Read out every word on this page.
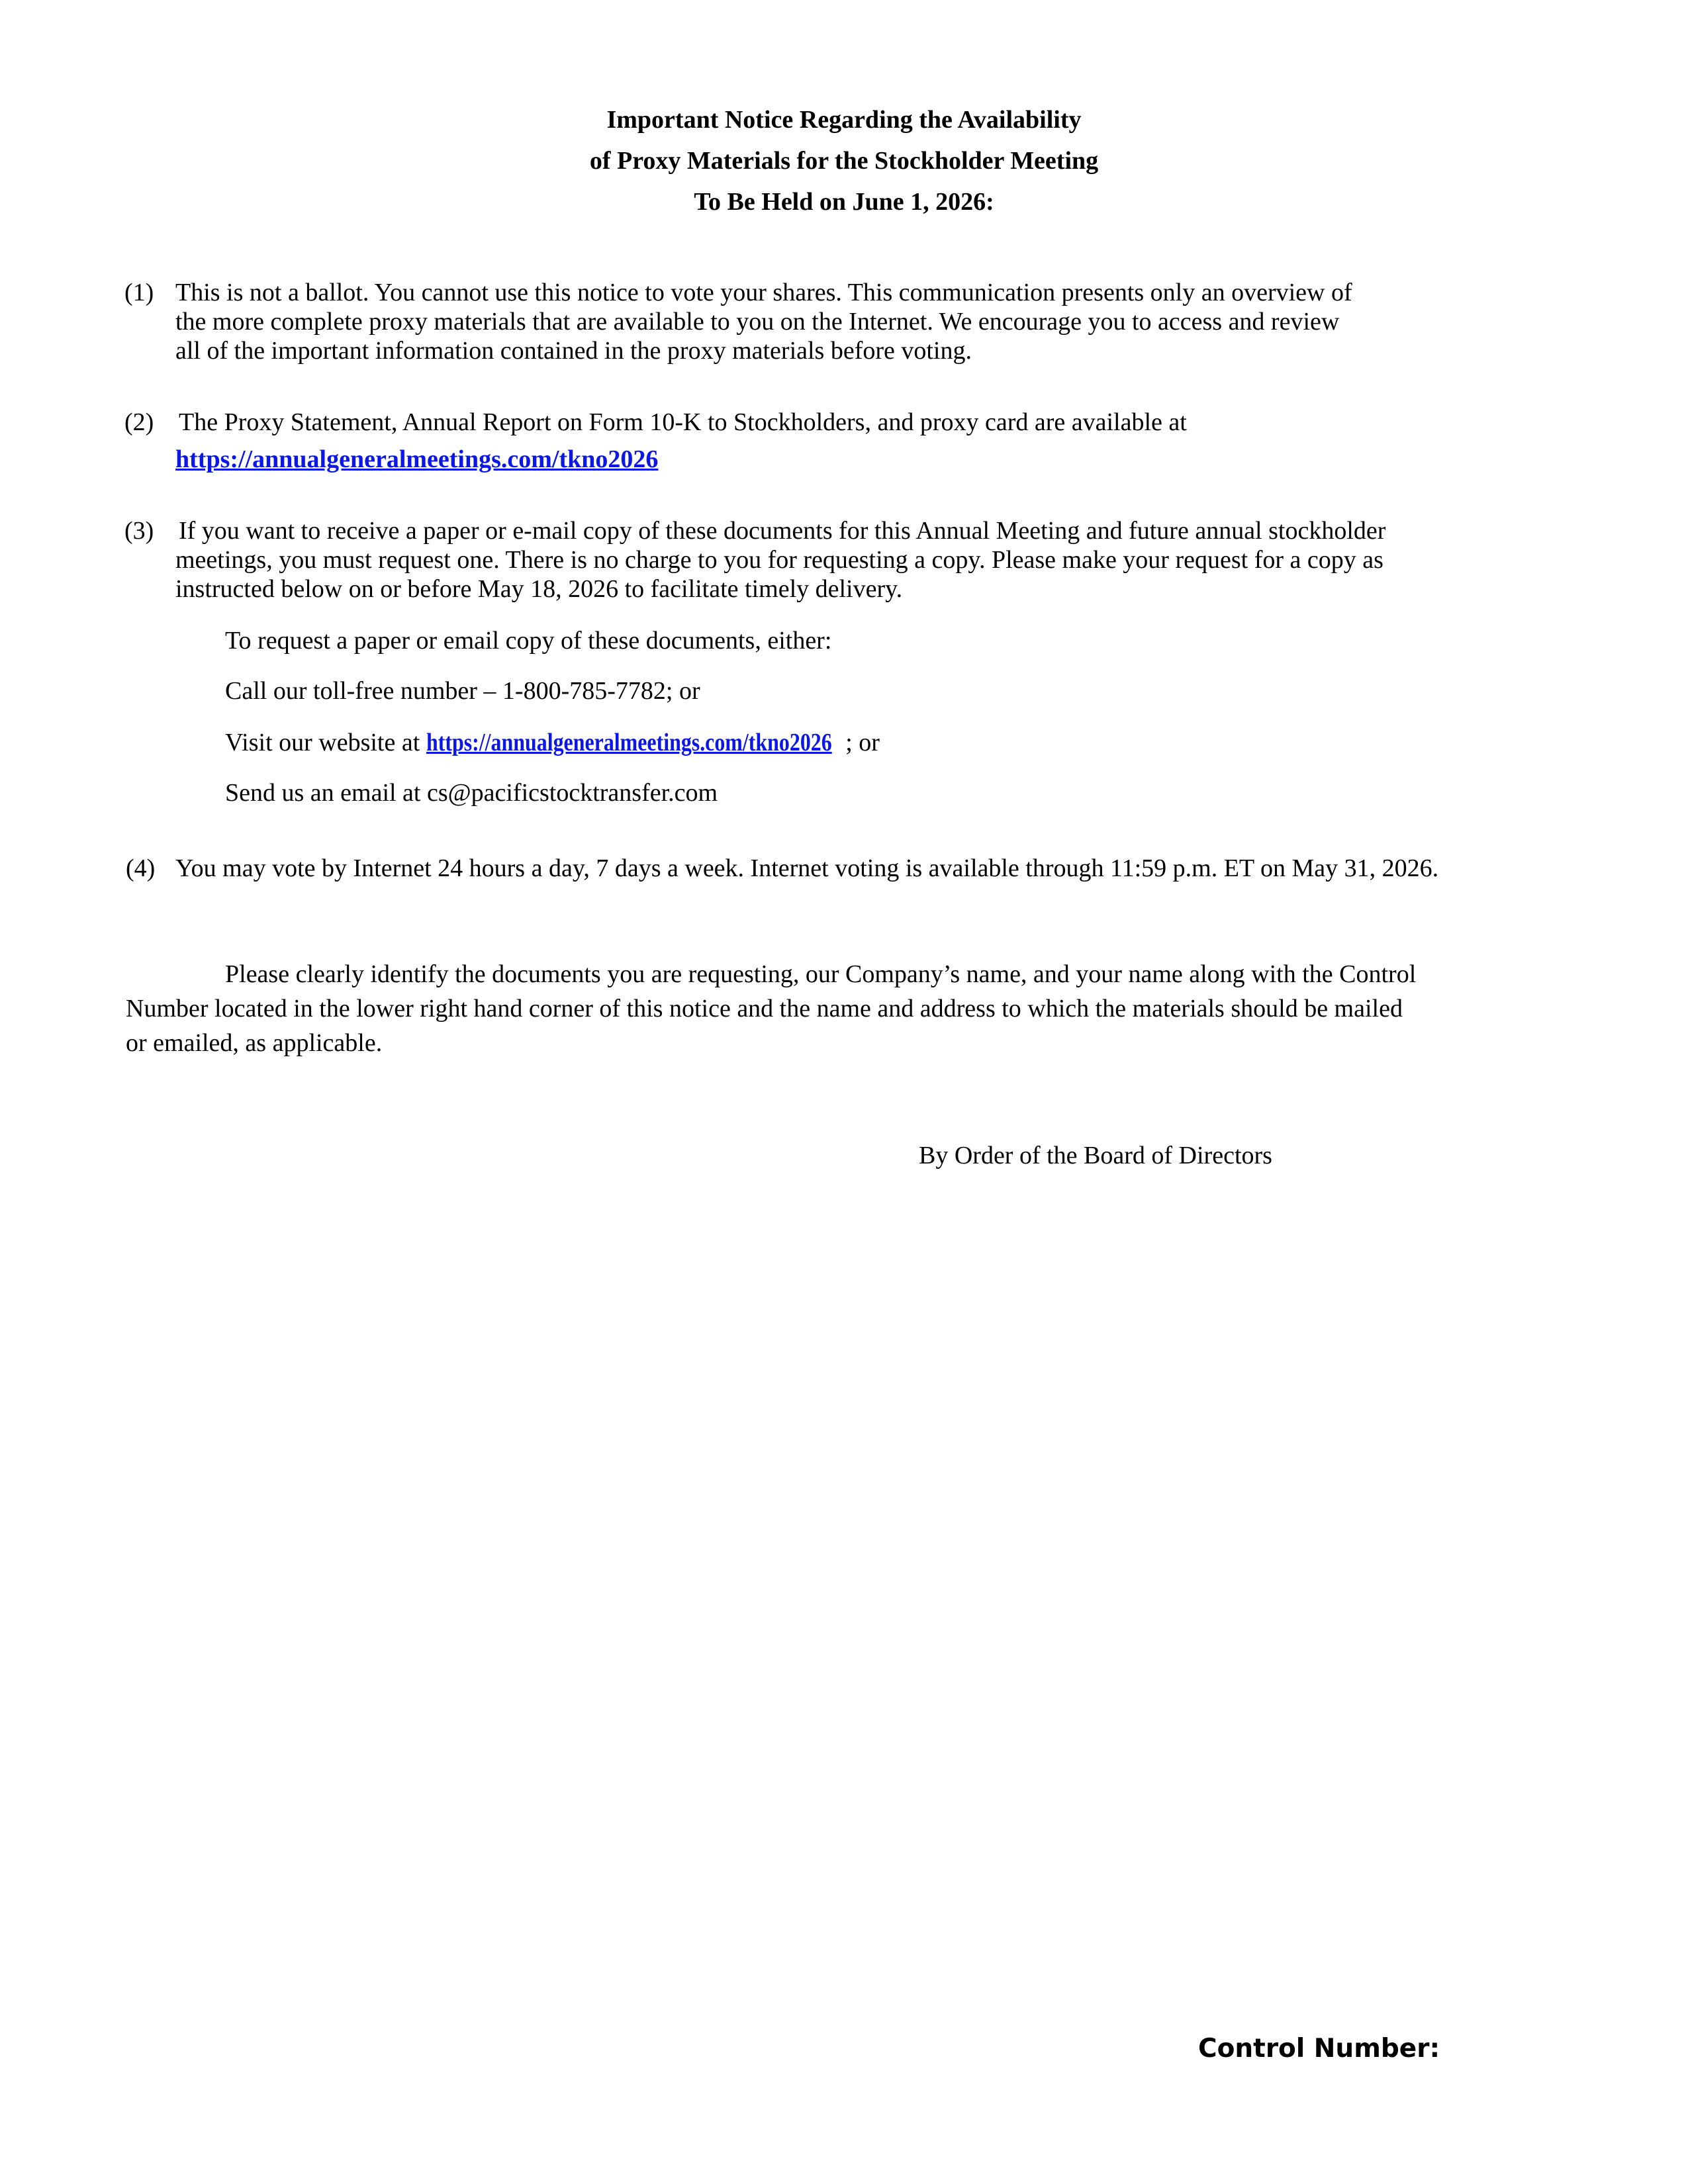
Important Notice Regarding the Availability
of Proxy Materials for the Stockholder Meeting
To Be Held on June 1, 2026:
(1) This is not a ballot. You cannot use this notice to vote your shares. This communication presents only an overview of
the more complete proxy materials that are available to you on the Internet. We encourage you to access and review
all of the important information contained in the proxy materials before voting.
(2) The Proxy Statement, Annual Report on Form 10-K to Stockholders, and proxy card are available at
https://annualgeneralmeetings.com/tkno2026
(3) If you want to receive a paper or e-mail copy of these documents for this Annual Meeting and future annual stockholder
meetings, you must request one. There is no charge to you for requesting a copy. Please make your request for a copy as
instructed below on or before May 18, 2026 to facilitate timely delivery.
To request a paper or email copy of these documents, either:
Call our toll-free number – 1-800-785-7782; or
Visit our website at https://annualgeneralmeetings.com/tkno2026 ; or
Send us an email at cs@pacificstocktransfer.com
(4) You may vote by Internet 24 hours a day, 7 days a week. Internet voting is available through 11:59 p.m. ET on May 31, 2026.
Please clearly identify the documents you are requesting, our Company’s name, and your name along with the Control
Number located in the lower right hand corner of this notice and the name and address to which the materials should be mailed
or emailed, as applicable.
By Order of the Board of Directors
Control Number:
